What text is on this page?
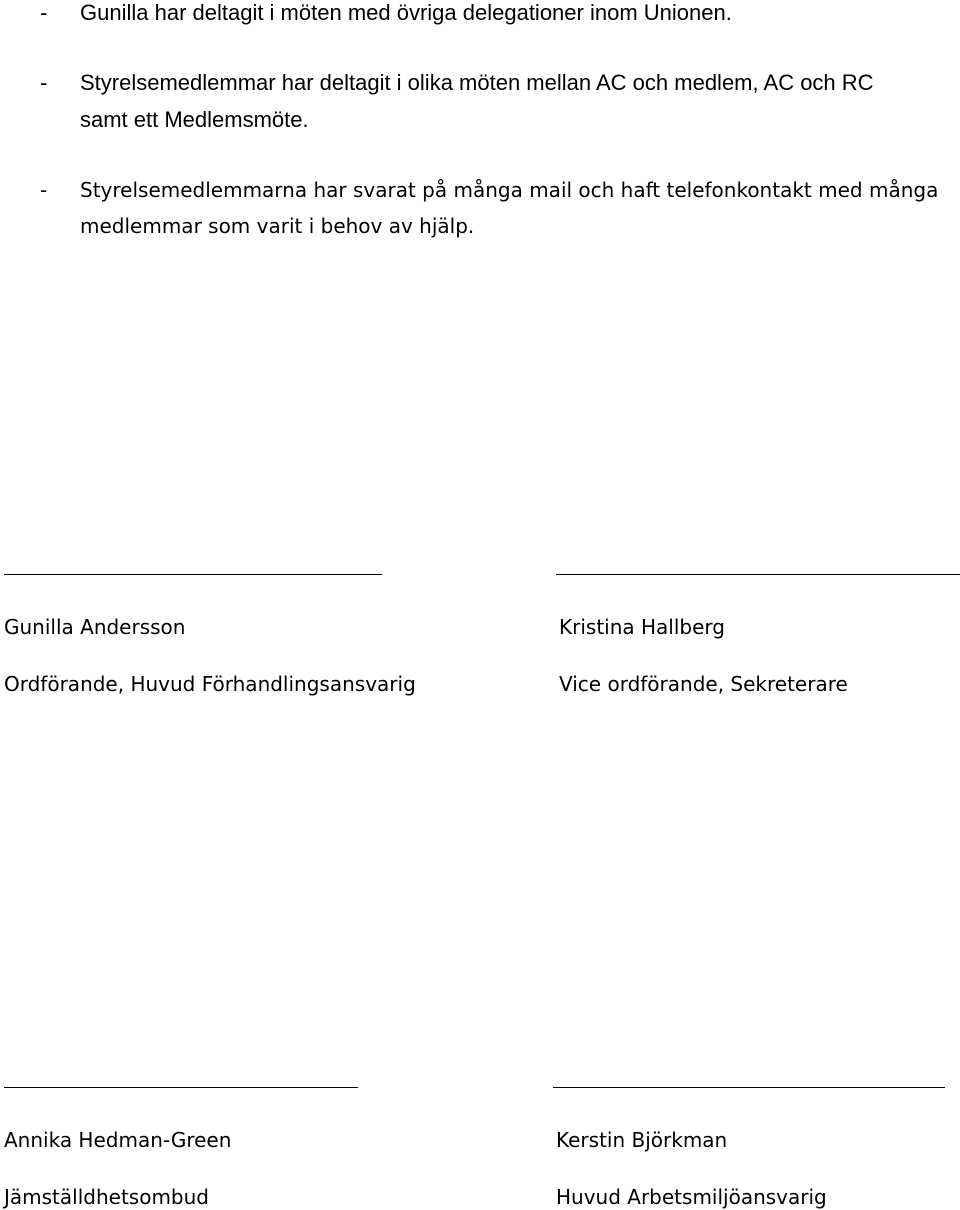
- Gunilla har deltagit i möten med övriga delegationer inom Unionen.
- Styrelsemedlemmar har deltagit i olika möten mellan AC och medlem, AC och RC
samt ett Medlemsmöte.
- Styrelsemedlemmarna har svarat på många mail och haft telefonkontakt med många
medlemmar som varit i behov av hjälp.
Gunilla Andersson
Ordförande, Huvud Förhandlingsansvarig
Kristina Hallberg
Vice ordförande, Sekreterare
Annika Hedman-Green
Jämställdhetsombud
Kerstin Björkman
Huvud Arbetsmiljöansvarig
